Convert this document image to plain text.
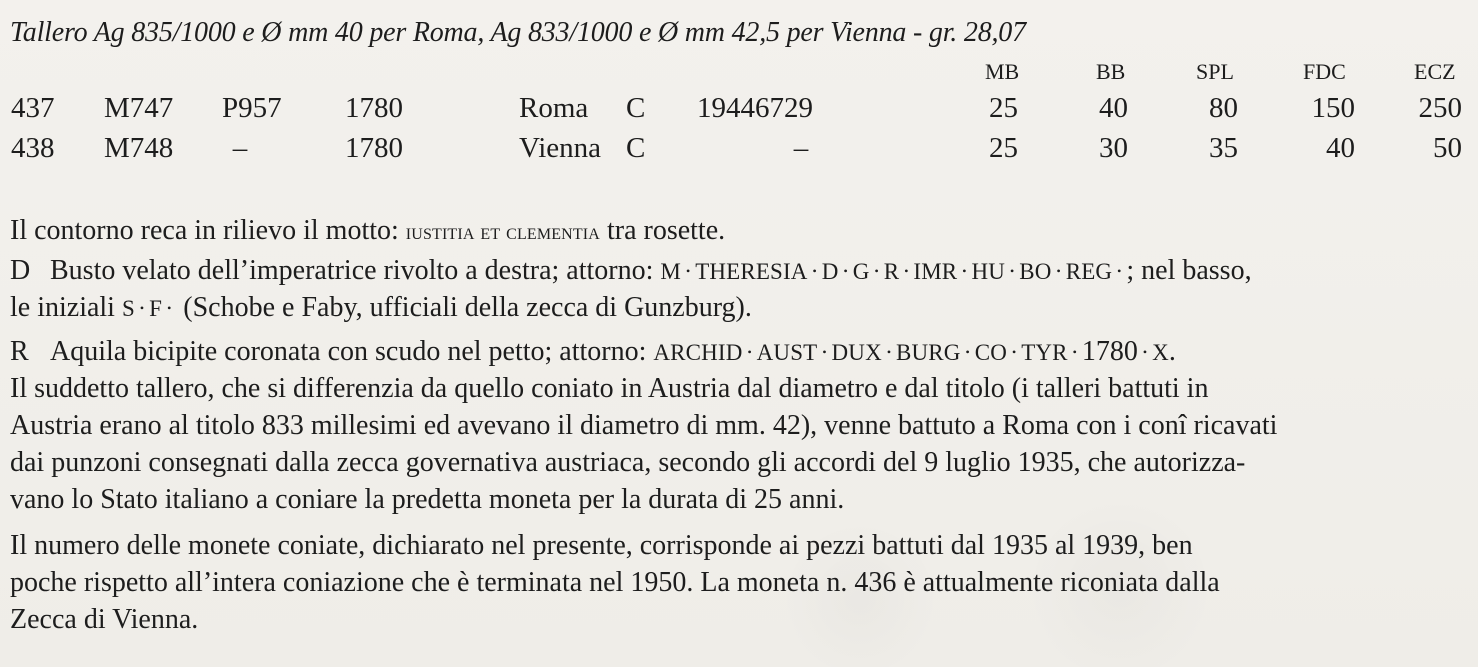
Tallero Ag 835/1000 e Ø mm 40 per Roma, Ag 833/1000 e Ø mm 42,5 per Vienna - gr. 28,07
MB	BB	SPL	FDC	ECZ
437 M747 P957 1780	Roma C 19446729	25	40	80	150	250
438 M748 –	1780	Vienna C	–	25	30	35	40	50
Il contorno reca in rilievo il motto: iustitia et clementia tra rosette.
D Busto velato dell’imperatrice rivolto a destra; attorno: M • THERESIA • D • G • R • IMR • HU • BO • REG • ; nel basso,
le iniziali S • F • (Schobe e Faby, ufficiali della zecca di Gunzburg).
R Aquila bicipite coronata con scudo nel petto; attorno: ARCHID • AUST • DUX • BURG • CO • TYR • 1780 • X.
Il suddetto tallero, che si differenzia da quello coniato in Austria dal diametro e dal titolo (i talleri battuti in
Austria erano al titolo 833 millesimi ed avevano il diametro di mm. 42), venne battuto a Roma con i conî ricavati
dai punzoni consegnati dalla zecca governativa austriaca, secondo gli accordi del 9 luglio 1935, che autorizza-
vano lo Stato italiano a coniare la predetta moneta per la durata di 25 anni.
Il numero delle monete coniate, dichiarato nel presente, corrisponde ai pezzi battuti dal 1935 al 1939, ben
poche rispetto all’intera coniazione che è terminata nel 1950. La moneta n. 436 è attualmente riconiata dalla
Zecca di Vienna.
